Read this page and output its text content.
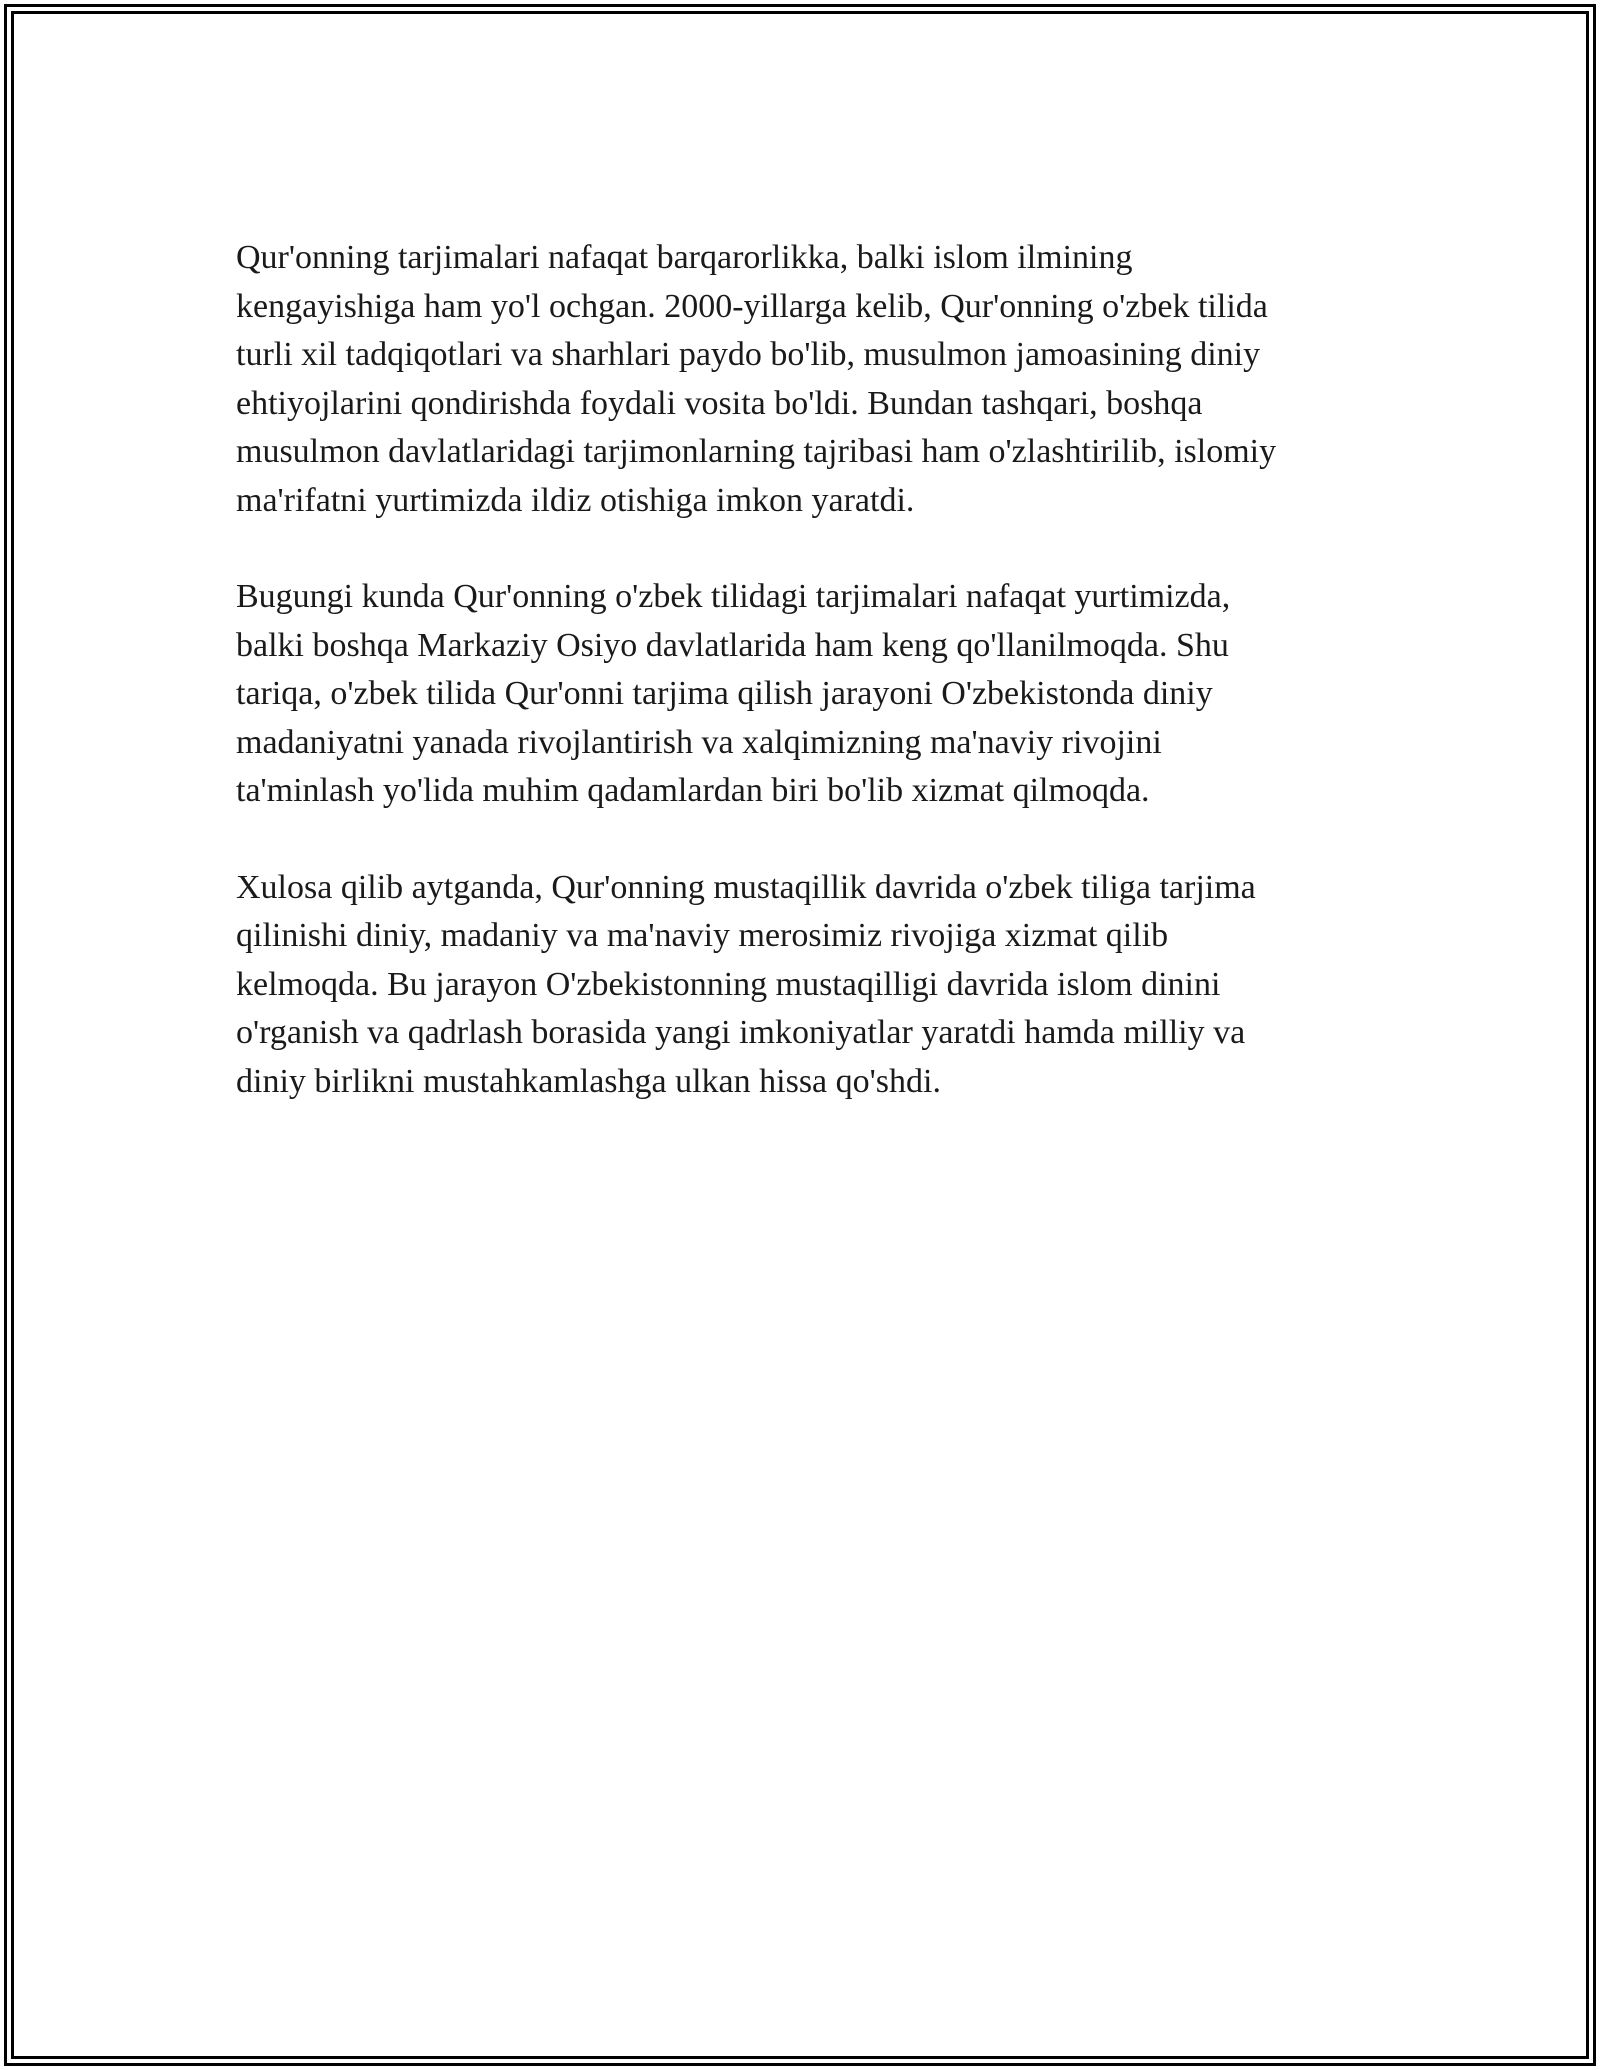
Qur'onning tarjimalari nafaqat barqarorlikka, balki islom ilmining
kengayishiga ham yo'l ochgan. 2000-yillarga kelib, Qur'onning o'zbek tilida
turli xil tadqiqotlari va sharhlari paydo bo'lib, musulmon jamoasining diniy
ehtiyojlarini qondirishda foydali vosita bo'ldi. Bundan tashqari, boshqa
musulmon davlatlaridagi tarjimonlarning tajribasi ham o'zlashtirilib, islomiy
ma'rifatni yurtimizda ildiz otishiga imkon yaratdi.

Bugungi kunda Qur'onning o'zbek tilidagi tarjimalari nafaqat yurtimizda,
balki boshqa Markaziy Osiyo davlatlarida ham keng qo'llanilmoqda. Shu
tariqa, o'zbek tilida Qur'onni tarjima qilish jarayoni O'zbekistonda diniy
madaniyatni yanada rivojlantirish va xalqimizning ma'naviy rivojini
ta'minlash yo'lida muhim qadamlardan biri bo'lib xizmat qilmoqda.

Xulosa qilib aytganda, Qur'onning mustaqillik davrida o'zbek tiliga tarjima
qilinishi diniy, madaniy va ma'naviy merosimiz rivojiga xizmat qilib
kelmoqda. Bu jarayon O'zbekistonning mustaqilligi davrida islom dinini
o'rganish va qadrlash borasida yangi imkoniyatlar yaratdi hamda milliy va
diniy birlikni mustahkamlashga ulkan hissa qo'shdi.
